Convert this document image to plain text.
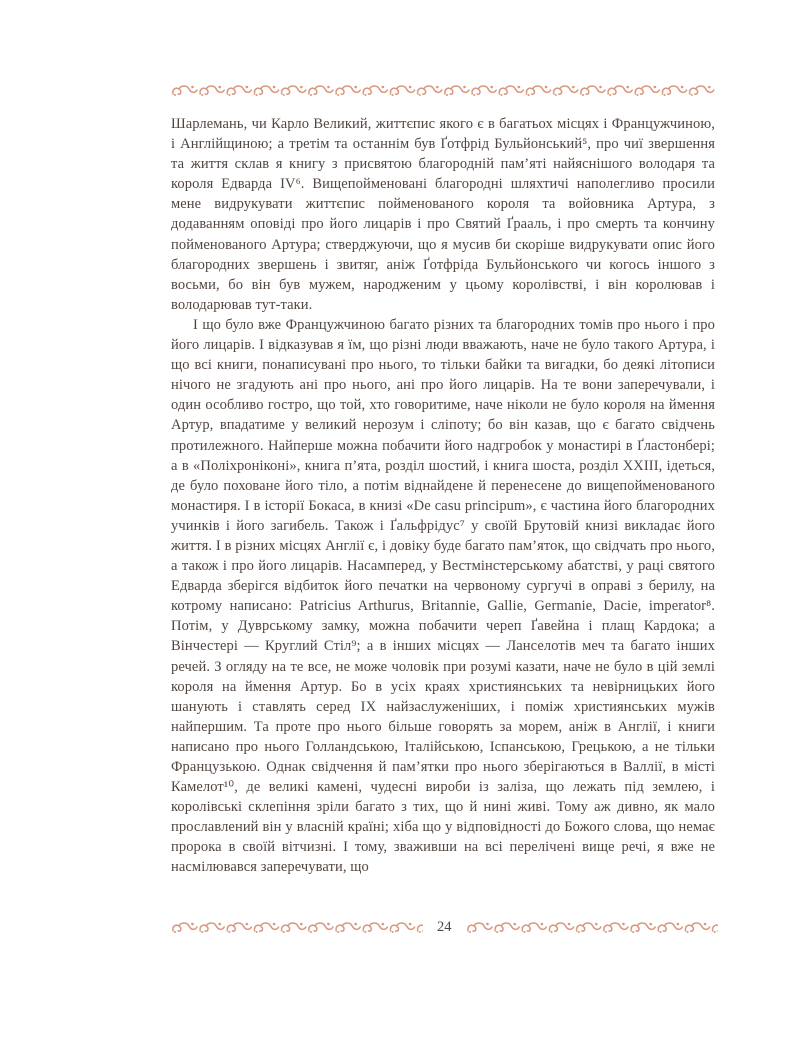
Шарлемань, чи Карло Великий, життєпис якого є в багатьох місцях і Францужчиною, і Англійщиною; а третім та останнім був Ґотфрід Бульйонський⁵, про чиї звершення та життя склав я книгу з присвятою благородній пам’яті найяснішого володаря та короля Едварда IV⁶. Вищепойменовані благородні шляхтичі наполегливо просили мене видрукувати життєпис пойменованого короля та войовника Артура, з додаванням оповіді про його лицарів і про Святий Ґрааль, і про смерть та кончину пойменованого Артура; стверджуючи, що я мусив би скоріше видрукувати опис його благородних звершень і звитяг, аніж Ґотфріда Бульйонського чи когось іншого з восьми, бо він був мужем, народженим у цьому королівстві, і він королював і володарював тут-таки.

І що було вже Францужчиною багато різних та благородних томів про нього і про його лицарів. І відказував я їм, що різні люди вважають, наче не було такого Артура, і що всі книги, понаписувані про нього, то тільки байки та вигадки, бо деякі літописи нічого не згадують ані про нього, ані про його лицарів. На те вони заперечували, і один особливо гостро, що той, хто говоритиме, наче ніколи не було короля на ймення Артур, впадатиме у великий нерозум і сліпоту; бо він казав, що є багато свідчень протилежного. Найперше можна побачити його надгробок у монастирі в Ґластонбері; а в «Поліхроніконі», книга п’ята, розділ шостий, і книга шоста, розділ XXIII, ідеться, де було поховане його тіло, а потім віднайдене й перенесене до вищепойменованого монастиря. І в історії Бокаса, в книзі «De casu principum», є частина його благородних учинків і його загибель. Також і Ґальфрідус⁷ у своїй Брутовій книзі викладає його життя. І в різних місцях Англії є, і довіку буде багато пам’яток, що свідчать про нього, а також і про його лицарів. Насамперед, у Вестмінстерському абатстві, у раці святого Едварда зберігся відбиток його печатки на червоному сургучі в оправі з берилу, на котрому написано: Patricius Arthurus, Britannie, Gallie, Germanie, Dacie, imperator⁸. Потім, у Дуврському замку, можна побачити череп Ґавейна і плащ Кардока; а Вінчестері — Круглий Стіл⁹; а в інших місцях — Ланселотів меч та багато інших речей. З огляду на те все, не може чоловік при розумі казати, наче не було в цій землі короля на ймення Артур. Бо в усіх краях християнських та невірницьких його шанують і ставлять серед IX найзаслуженіших, і поміж християнських мужів найпершим. Та проте про нього більше говорять за морем, аніж в Англії, і книги написано про нього Голландською, Італійською, Іспанською, Грецькою, а не тільки Французькою. Однак свідчення й пам’ятки про нього зберігаються в Валлії, в місті Камелот¹⁰, де великі камені, чудесні вироби із заліза, що лежать під землею, і королівські склепіння зріли багато з тих, що й нині живі. Тому аж дивно, як мало прославлений він у власній країні; хіба що у відповідності до Божого слова, що немає пророка в своїй вітчизні. І тому, зваживши на всі перелічені вище речі, я вже не насмілювався заперечувати, що

24
